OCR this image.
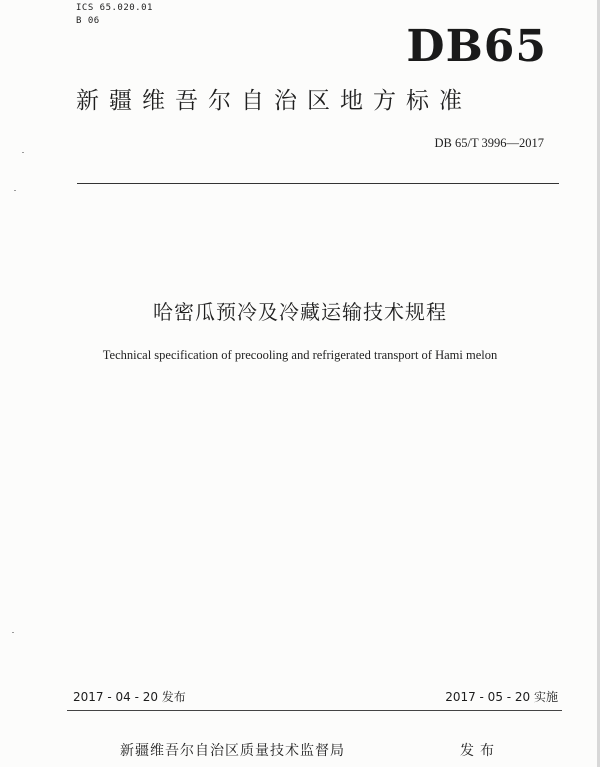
ICS 65.020.01
B 06	DB65
新疆维吾尔自治区地方标准
DB 65/T 3996—2017
哈密瓜预冷及冷藏运输技术规程
Technical specification of precooling and refrigerated transport of Hami melon
2017 - 04 - 20 发布	2017 - 05 - 20 实施
新疆维吾尔自治区质量技术监督局	发布
